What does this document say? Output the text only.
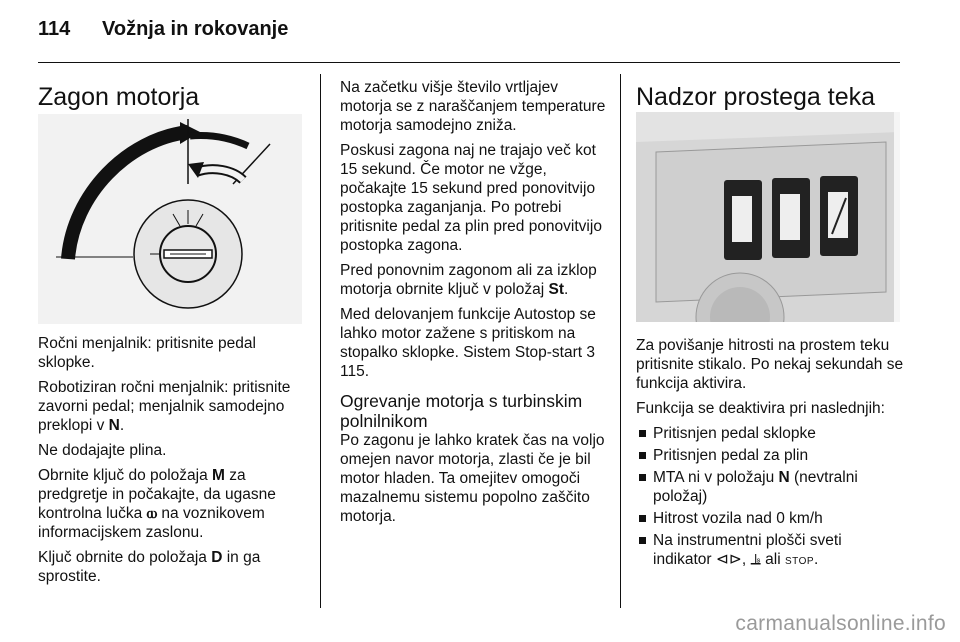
114 Vožnja in rokovanje
Zagon motorja

Ročni menjalnik: pritisnite pedal sklopke.

Robotiziran ročni menjalnik: pritisnite zavorni pedal; menjalnik samodejno preklopi v N.

Ne dodajajte plina.

Obrnite ključ do položaja M za predgretje in počakajte, da ugasne kontrolna lučka ⲱ na voznikovem informacijskem zaslonu.

Ključ obrnite do položaja D in ga sprostite.

Na začetku višje število vrtljajev motorja se z naraščanjem temperature motorja samodejno zniža.

Poskusi zagona naj ne trajajo več kot 15 sekund. Če motor ne vžge, počakajte 15 sekund pred ponovitvijo postopka zaganjanja. Po potrebi pritisnite pedal za plin pred ponovitvijo postopka zagona.

Pred ponovnim zagonom ali za izklop motorja obrnite ključ v položaj St.

Med delovanjem funkcije Autostop se lahko motor zažene s pritiskom na stopalko sklopke. Sistem Stop-start 3 115.

Ogrevanje motorja s turbinskim polnilnikom

Po zagonu je lahko kratek čas na voljo omejen navor motorja, zlasti če je bil motor hladen. Ta omejitev omogoči mazalnemu sistemu popolno zaščito motorja.

Nadzor prostega teka

Za povišanje hitrosti na prostem teku pritisnite stikalo. Po nekaj sekundah se funkcija aktivira.

Funkcija se deaktivira pri naslednjih:

Pritisnjen pedal sklopke
Pritisnjen pedal za plin
MTA ni v položaju N (nevtralni položaj)
Hitrost vozila nad 0 km/h
Na instrumentni plošči sveti indikator ⊲⊳, ⫡ ali STOP.
carmanualsonline.info
